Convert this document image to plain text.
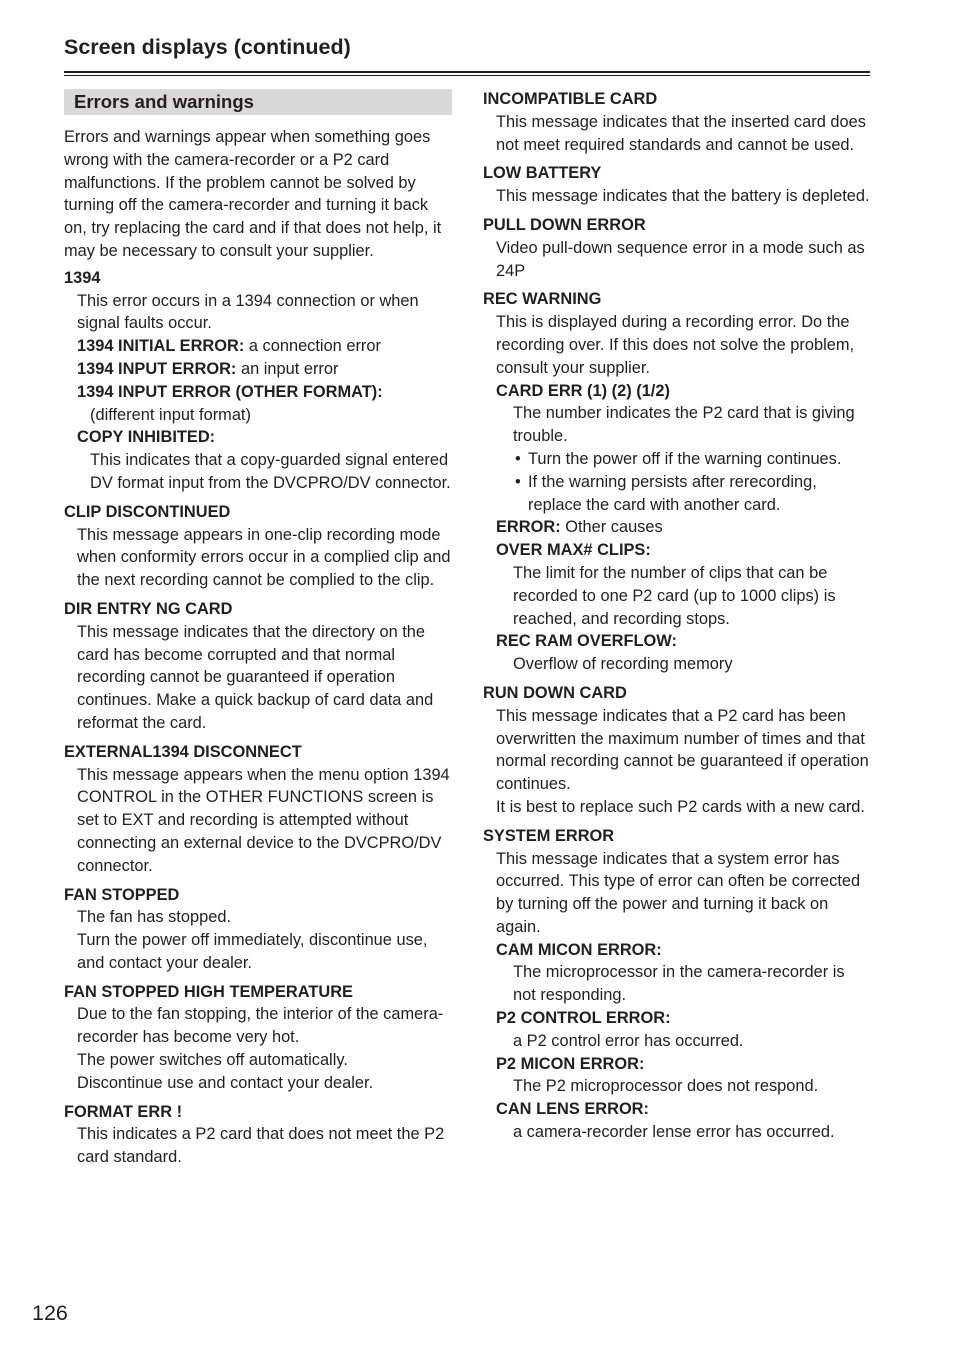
Screen displays (continued)
Errors and warnings

Errors and warnings appear when something goes wrong with the camera-recorder or a P2 card malfunctions. If the problem cannot be solved by turning off the camera-recorder and turning it back on, try replacing the card and if that does not help, it may be necessary to consult your supplier.

1394
This error occurs in a 1394 connection or when signal faults occur.
1394 INITIAL ERROR: a connection error
1394 INPUT ERROR: an input error
1394 INPUT ERROR (OTHER FORMAT):
(different input format)
COPY INHIBITED:
This indicates that a copy-guarded signal entered DV format input from the DVCPRO/DV connector.
CLIP DISCONTINUED
This message appears in one-clip recording mode when conformity errors occur in a complied clip and the next recording cannot be complied to the clip.
DIR ENTRY NG CARD
This message indicates that the directory on the card has become corrupted and that normal recording cannot be guaranteed if operation continues. Make a quick backup of card data and reformat the card.
EXTERNAL1394 DISCONNECT
This message appears when the menu option 1394 CONTROL in the OTHER FUNCTIONS screen is set to EXT and recording is attempted without connecting an external device to the DVCPRO/DV connector.
FAN STOPPED
The fan has stopped.
Turn the power off immediately, discontinue use, and contact your dealer.
FAN STOPPED HIGH TEMPERATURE
Due to the fan stopping, the interior of the camera-recorder has become very hot.
The power switches off automatically.
Discontinue use and contact your dealer.
FORMAT ERR !
This indicates a P2 card that does not meet the P2 card standard.
INCOMPATIBLE CARD
This message indicates that the inserted card does not meet required standards and cannot be used.
LOW BATTERY
This message indicates that the battery is depleted.
PULL DOWN ERROR
Video pull-down sequence error in a mode such as 24P
REC WARNING
This is displayed during a recording error. Do the recording over. If this does not solve the problem, consult your supplier.
CARD ERR (1) (2) (1/2)
The number indicates the P2 card that is giving trouble.
• Turn the power off if the warning continues.
• If the warning persists after rerecording, replace the card with another card.
ERROR: Other causes
OVER MAX# CLIPS:
The limit for the number of clips that can be recorded to one P2 card (up to 1000 clips) is reached, and recording stops.
REC RAM OVERFLOW:
Overflow of recording memory
RUN DOWN CARD
This message indicates that a P2 card has been overwritten the maximum number of times and that normal recording cannot be guaranteed if operation continues.
It is best to replace such P2 cards with a new card.
SYSTEM ERROR
This message indicates that a system error has occurred. This type of error can often be corrected by turning off the power and turning it back on again.
CAM MICON ERROR:
The microprocessor in the camera-recorder is not responding.
P2 CONTROL ERROR:
a P2 control error has occurred.
P2 MICON ERROR:
The P2 microprocessor does not respond.
CAN LENS ERROR:
a camera-recorder lense error has occurred.
126
